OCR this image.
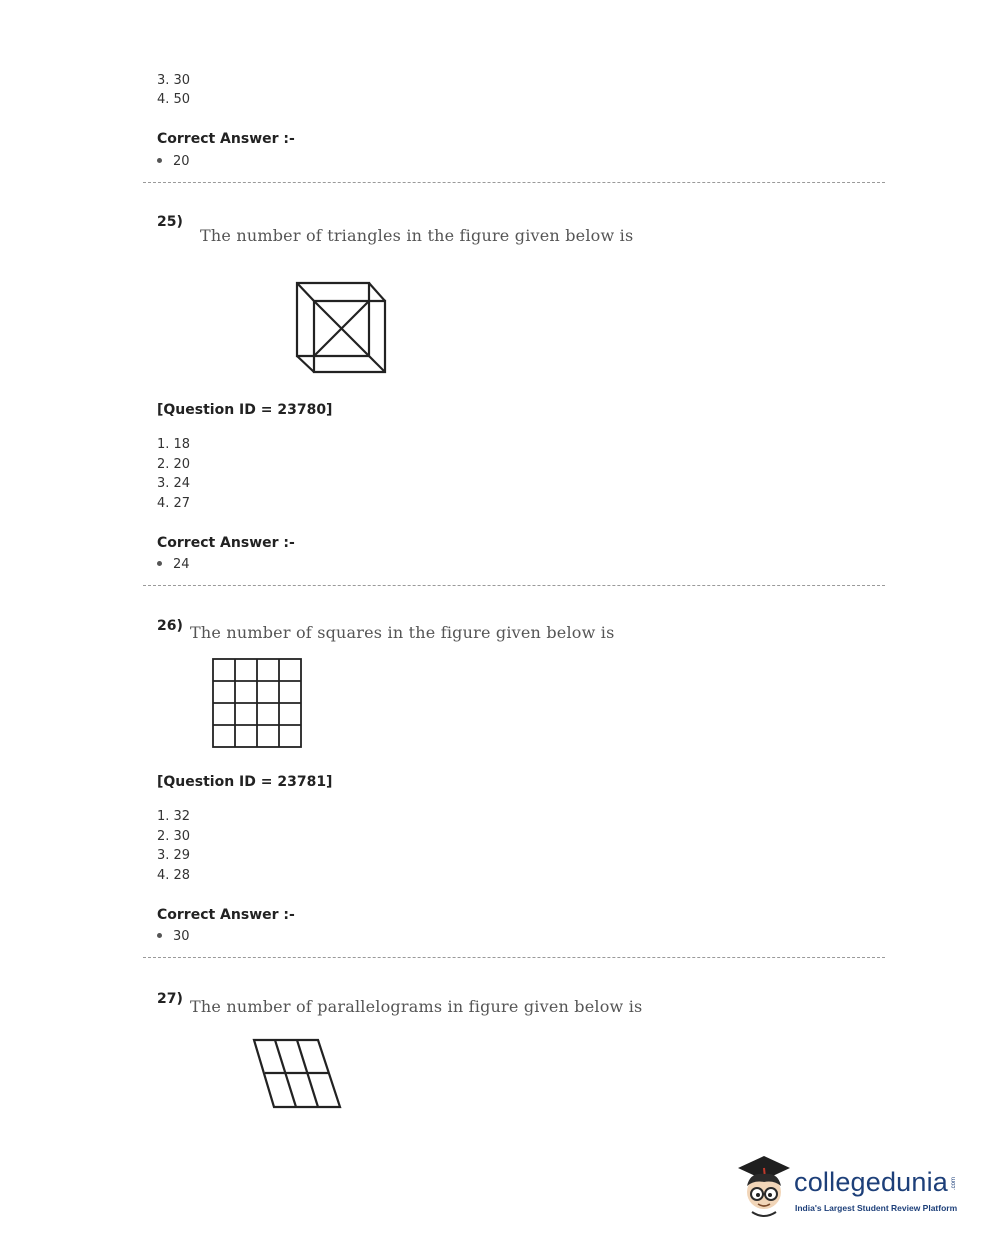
3. 30
4. 50
Correct Answer :-
20
25)
The number of triangles in the figure given below is
[Question ID = 23780]
1. 18
2. 20
3. 24
4. 27
Correct Answer :-
24
26) The number of squares in the figure given below is
[Question ID = 23781]
1. 32
2. 30
3. 29
4. 28
Correct Answer :-
30
27) The number of parallelograms in figure given below is
collegedunia .com
India's Largest Student Review Platform
